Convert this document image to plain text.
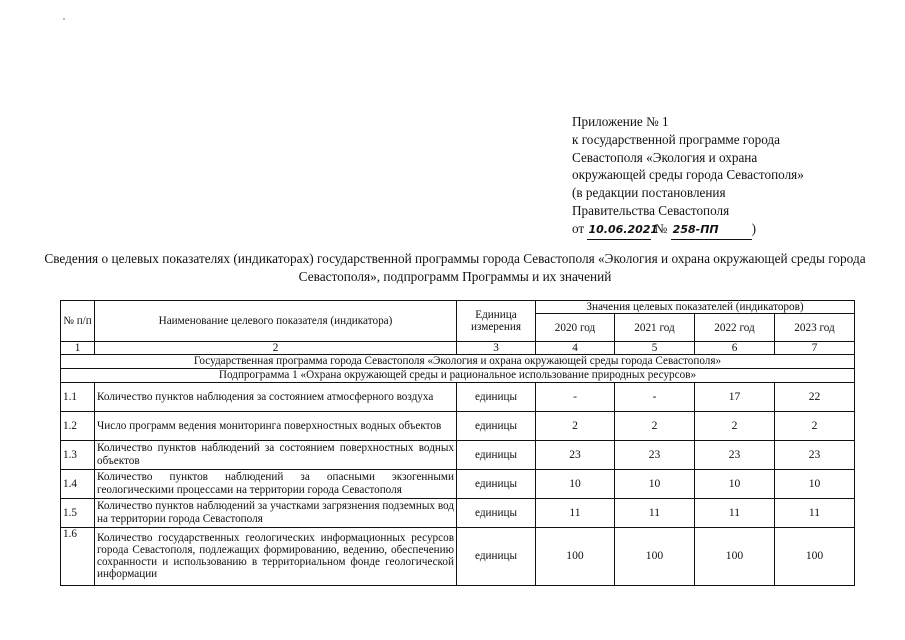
Приложение № 1
к государственной программе города
Севастополя «Экология и охрана
окружающей среды города Севастополя»
(в редакции постановления
Правительства Севастополя
от 10.06.2021 № 258-ПП	)
Сведения о целевых показателях (индикаторах) государственной программы города Севастополя «Экология и охрана окружающей среды города Севастополя», подпрограмм Программы и их значений
№ п/п	Наименование целевого показателя (индикатора)	Единица измерения	Значения целевых показателей (индикаторов)			
			2020 год	2021 год	2022 год	2023 год
1	2	3	4	5	6	7
Государственная программа города Севастополя «Экология и охрана окружающей среды города Севастополя»						
Подпрограмма 1 «Охрана окружающей среды и рациональное использование природных ресурсов»						
1.1	Количество пунктов наблюдения за состоянием атмосферного воздуха	единицы	-	-	17	22
1.2	Число программ ведения мониторинга поверхностных водных объектов	единицы	2	2	2	2
1.3	Количество пунктов наблюдений за состоянием поверхностных водных объектов	единицы	23	23	23	23
1.4	Количество пунктов наблюдений за опасными экзогенными геологическими процессами на территории города Севастополя	единицы	10	10	10	10
1.5	Количество пунктов наблюдений за участками загрязнения подземных вод на территории города Севастополя	единицы	11	11	11	11
1.6	Количество государственных геологических информационных ресурсов города Севастополя, подлежащих формированию, ведению, обеспечению сохранности и использованию в территориальном фонде геологической информации	единицы	100	100	100	100
